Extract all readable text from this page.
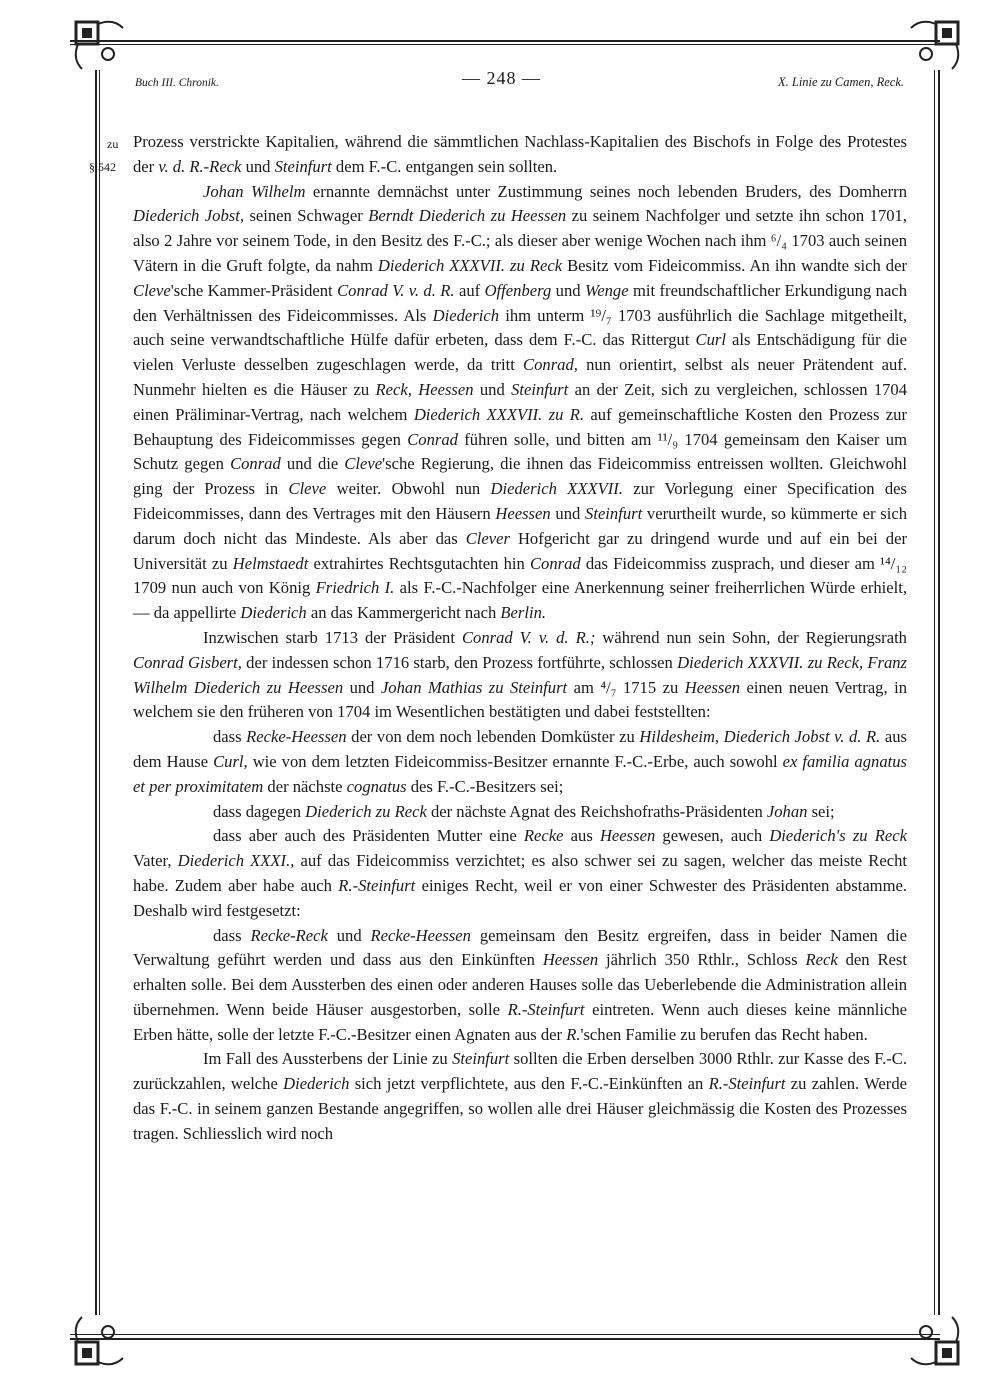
Buch III. Chronik.	— 248 —	X. Linie zu Camen, Reck.
zu
§ 542

Prozess verstrickte Kapitalien, während die sämmtlichen Nachlass-Kapitalien des Bischofs in Folge des Protestes der v. d. R.-Reck und Steinfurt dem F.-C. entgangen sein sollten.

Johan Wilhelm ernannte demnächst unter Zustimmung seines noch lebenden Bruders, des Domherrn Diederich Jobst, seinen Schwager Berndt Diederich zu Heessen zu seinem Nachfolger und setzte ihn schon 1701, also 2 Jahre vor seinem Tode, in den Besitz des F.-C.; als dieser aber wenige Wochen nach ihm ⁶/₄ 1703 auch seinen Vätern in die Gruft folgte, da nahm Diederich XXXVII. zu Reck Besitz vom Fideicommiss. An ihn wandte sich der Cleve'sche Kammer-Präsident Conrad V. v. d. R. auf Offenberg und Wenge mit freundschaftlicher Erkundigung nach den Verhältnissen des Fideicommisses. Als Diederich ihm unterm ¹⁹/₇ 1703 ausführlich die Sachlage mitgetheilt, auch seine verwandtschaftliche Hülfe dafür erbeten, dass dem F.-C. das Rittergut Curl als Entschädigung für die vielen Verluste desselben zugeschlagen werde, da tritt Conrad, nun orientirt, selbst als neuer Prätendent auf. Nunmehr hielten es die Häuser zu Reck, Heessen und Steinfurt an der Zeit, sich zu vergleichen, schlossen 1704 einen Präliminar-Vertrag, nach welchem Diederich XXXVII. zu R. auf gemeinschaftliche Kosten den Prozess zur Behauptung des Fideicommisses gegen Conrad führen solle, und bitten am ¹¹/₉ 1704 gemeinsam den Kaiser um Schutz gegen Conrad und die Cleve'sche Regierung, die ihnen das Fideicommiss entreissen wollten. Gleichwohl ging der Prozess in Cleve weiter. Obwohl nun Diederich XXXVII. zur Vorlegung einer Specification des Fideicommisses, dann des Vertrages mit den Häusern Heessen und Steinfurt verurtheilt wurde, so kümmerte er sich darum doch nicht das Mindeste. Als aber das Clever Hofgericht gar zu dringend wurde und auf ein bei der Universität zu Helmstaedt extrahirtes Rechtsgutachten hin Conrad das Fideicommiss zusprach, und dieser am ¹⁴/₁₂ 1709 nun auch von König Friedrich I. als F.-C.-Nachfolger eine Anerkennung seiner freiherrlichen Würde erhielt, — da appellirte Diederich an das Kammergericht nach Berlin.

Inzwischen starb 1713 der Präsident Conrad V. v. d. R.; während nun sein Sohn, der Regierungsrath Conrad Gisbert, der indessen schon 1716 starb, den Prozess fortführte, schlossen Diederich XXXVII. zu Reck, Franz Wilhelm Diederich zu Heessen und Johan Mathias zu Steinfurt am ⁴/₇ 1715 zu Heessen einen neuen Vertrag, in welchem sie den früheren von 1704 im Wesentlichen bestätigten und dabei feststellten:

dass Recke-Heessen der von dem noch lebenden Domküster zu Hildesheim, Diederich Jobst v. d. R. aus dem Hause Curl, wie von dem letzten Fideicommiss-Besitzer ernannte F.-C.-Erbe, auch sowohl ex familia agnatus et per proximitatem der nächste cognatus des F.-C.-Besitzers sei;

dass dagegen Diederich zu Reck der nächste Agnat des Reichshofraths-Präsidenten Johan sei;

dass aber auch des Präsidenten Mutter eine Recke aus Heessen gewesen, auch Diederich's zu Reck Vater, Diederich XXXI., auf das Fideicommiss verzichtet; es also schwer sei zu sagen, welcher das meiste Recht habe. Zudem aber habe auch R.-Steinfurt einiges Recht, weil er von einer Schwester des Präsidenten abstamme. Deshalb wird festgesetzt:

dass Recke-Reck und Recke-Heessen gemeinsam den Besitz ergreifen, dass in beider Namen die Verwaltung geführt werden und dass aus den Einkünften Heessen jährlich 350 Rthlr., Schloss Reck den Rest erhalten solle. Bei dem Aussterben des einen oder anderen Hauses solle das Ueberlebende die Administration allein übernehmen. Wenn beide Häuser ausgestorben, solle R.-Steinfurt eintreten. Wenn auch dieses keine männliche Erben hätte, solle der letzte F.-C.-Besitzer einen Agnaten aus der R.'schen Familie zu berufen das Recht haben.

Im Fall des Aussterbens der Linie zu Steinfurt sollten die Erben derselben 3000 Rthlr. zur Kasse des F.-C. zurückzahlen, welche Diederich sich jetzt verpflichtete, aus den F.-C.-Einkünften an R.-Steinfurt zu zahlen. Werde das F.-C. in seinem ganzen Bestande angegriffen, so wollen alle drei Häuser gleichmässig die Kosten des Prozesses tragen. Schliesslich wird noch
